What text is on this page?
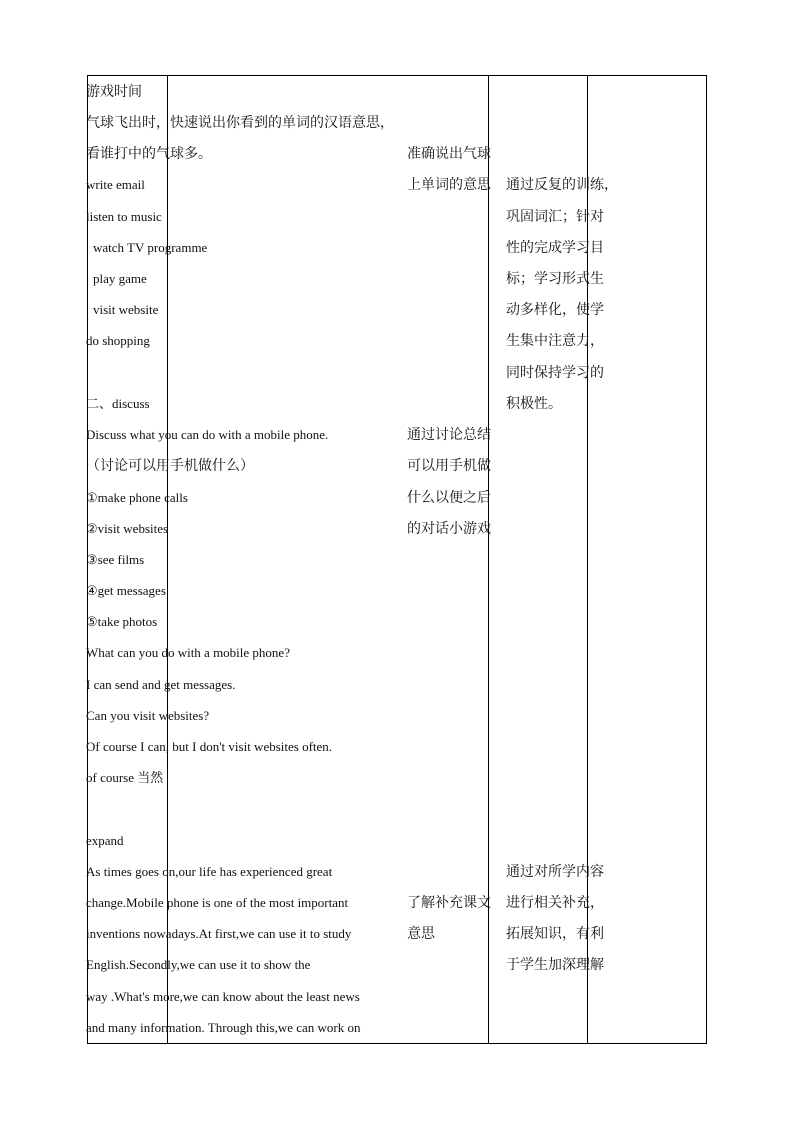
游戏时间
气球飞出时，快速说出你看到的单词的汉语意思，
看谁打中的气球多。
write email
listen to music
watch TV programme
play game
visit website
do shopping
二、discuss
Discuss what you can do with a mobile phone.
（讨论可以用手机做什么）
①make phone calls
②visit websites
③see films
④get messages
⑤take photos
What can you do with a mobile phone?
I can send and get messages.
Can you visit websites?
Of course I can, but I don't visit websites often.
of course 当然
expand
As times goes on,our life has experienced great
change.Mobile phone is one of the most important
inventions nowadays.At first,we can use it to study
English.Secondly,we can use it to show the
way .What's more,we can know about the least news
and many information. Through this,we can work on
准确说出气球
上单词的意思
通过讨论总结
可以用手机做
什么以便之后
的对话小游戏
了解补充课文
意思
通过反复的训练，
巩固词汇；针对
性的完成学习目
标；学习形式生
动多样化，使学
生集中注意力，
同时保持学习的
积极性。
通过对所学内容
进行相关补充，
拓展知识，有利
于学生加深理解
